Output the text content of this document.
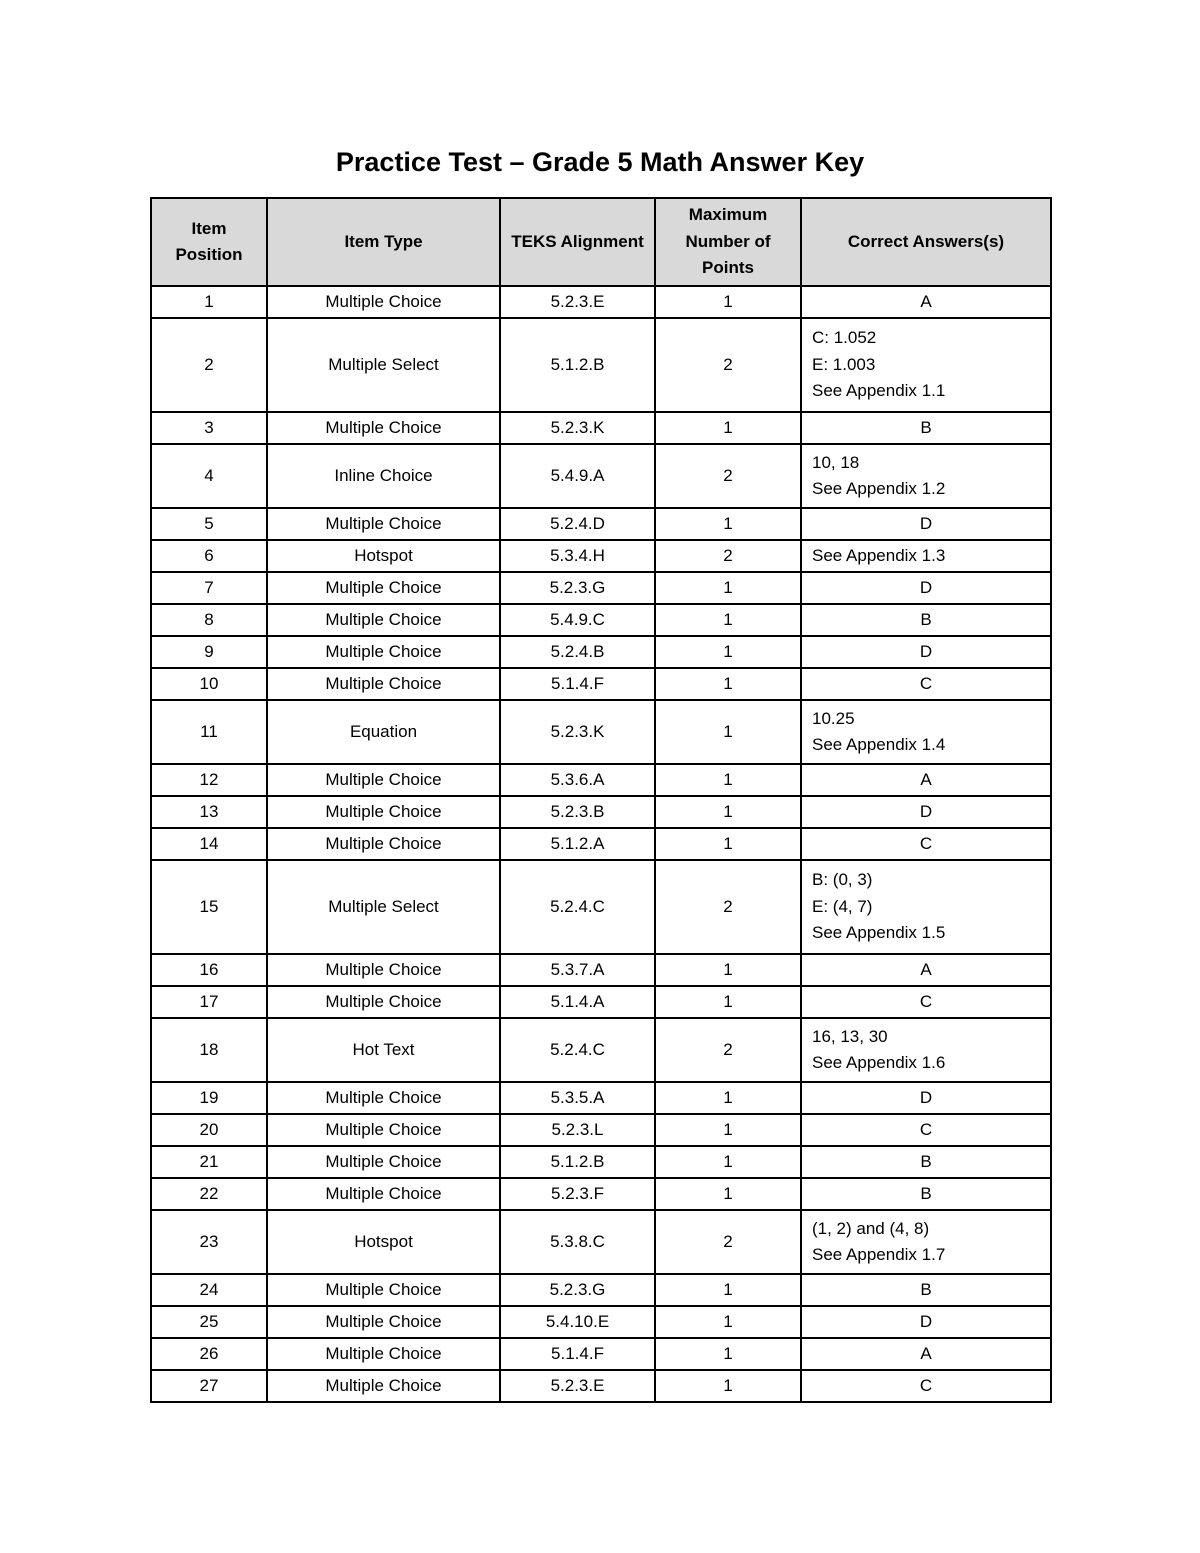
Practice Test – Grade 5 Math Answer Key
Item Position	Item Type	TEKS Alignment	Maximum Number of Points	Correct Answers(s)
1	Multiple Choice	5.2.3.E	1	A

2	Multiple Select	5.1.2.B	2	C: 1.052
E: 1.003
See Appendix 1.1

3	Multiple Choice	5.2.3.K	1	B

4	Inline Choice	5.4.9.A	2	10, 18
See Appendix 1.2

5	Multiple Choice	5.2.4.D	1	D

6	Hotspot	5.3.4.H	2	See Appendix 1.3

7	Multiple Choice	5.2.3.G	1	D

8	Multiple Choice	5.4.9.C	1	B

9	Multiple Choice	5.2.4.B	1	D

10	Multiple Choice	5.1.4.F	1	C

11	Equation	5.2.3.K	1	10.25
See Appendix 1.4

12	Multiple Choice	5.3.6.A	1	A

13	Multiple Choice	5.2.3.B	1	D

14	Multiple Choice	5.1.2.A	1	C

15	Multiple Select	5.2.4.C	2	B: (0, 3)
E: (4, 7)
See Appendix 1.5

16	Multiple Choice	5.3.7.A	1	A

17	Multiple Choice	5.1.4.A	1	C

18	Hot Text	5.2.4.C	2	16, 13, 30
See Appendix 1.6

19	Multiple Choice	5.3.5.A	1	D

20	Multiple Choice	5.2.3.L	1	C

21	Multiple Choice	5.1.2.B	1	B

22	Multiple Choice	5.2.3.F	1	B

23	Hotspot	5.3.8.C	2	(1, 2) and (4, 8)
See Appendix 1.7

24	Multiple Choice	5.2.3.G	1	B

25	Multiple Choice	5.4.10.E	1	D

26	Multiple Choice	5.1.4.F	1	A

27	Multiple Choice	5.2.3.E	1	C
